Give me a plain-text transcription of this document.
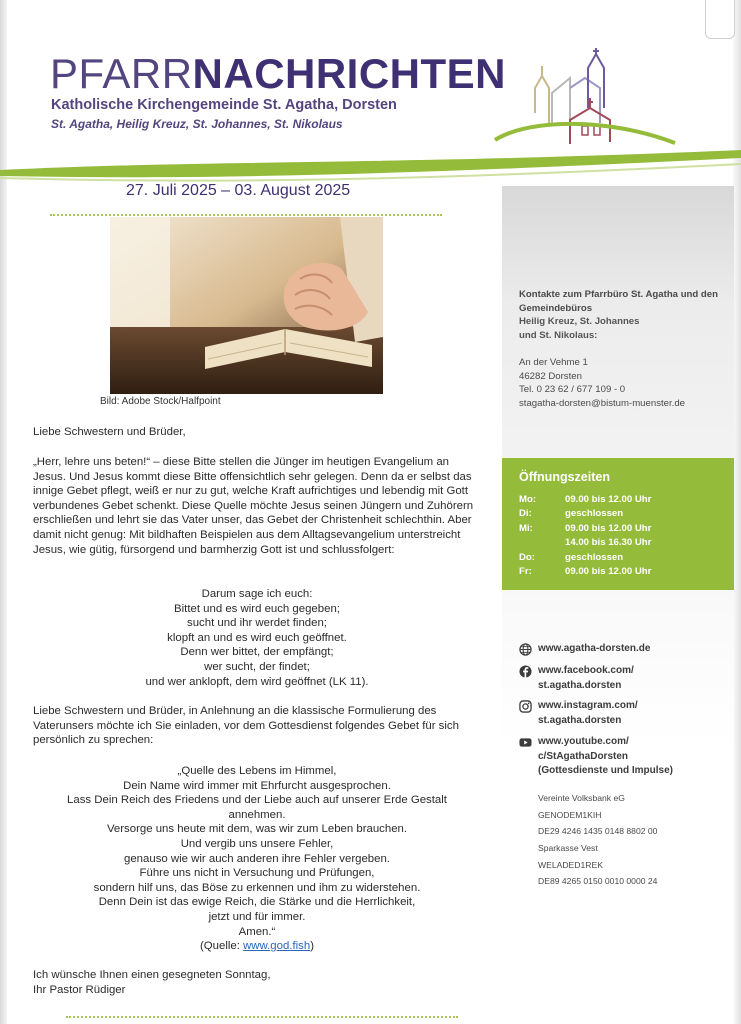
PFARRNACHRICHTEN
Katholische Kirchengemeinde St. Agatha, Dorsten
St. Agatha, Heilig Kreuz, St. Johannes, St. Nikolaus
27. Juli 2025 – 03. August 2025
Bild: Adobe Stock/Halfpoint

Liebe Schwestern und Brüder,

„Herr, lehre uns beten!“ – diese Bitte stellen die Jünger im heutigen Evangelium an Jesus. Und Jesus kommt diese Bitte offensichtlich sehr gelegen. Denn da er selbst das innige Gebet pflegt, weiß er nur zu gut, welche Kraft aufrichtiges und lebendig mit Gott verbundenes Gebet schenkt. Diese Quelle möchte Jesus seinen Jüngern und Zuhörern erschließen und lehrt sie das Vater unser, das Gebet der Christenheit schlechthin. Aber damit nicht genug: Mit bildhaften Beispielen aus dem Alltagsevangelium unterstreicht Jesus, wie gütig, fürsorgend und barmherzig Gott ist und schlussfolgert:

Darum sage ich euch:

Bittet und es wird euch gegeben;

sucht und ihr werdet finden;

klopft an und es wird euch geöffnet.

Denn wer bittet, der empfängt;

wer sucht, der findet;

und wer anklopft, dem wird geöffnet (LK 11).

Liebe Schwestern und Brüder, in Anlehnung an die klassische Formulierung des Vaterunsers möchte ich Sie einladen, vor dem Gottesdienst folgendes Gebet für sich persönlich zu sprechen:

„Quelle des Lebens im Himmel,

Dein Name wird immer mit Ehrfurcht ausgesprochen.

Lass Dein Reich des Friedens und der Liebe auch auf unserer Erde Gestalt annehmen.

Versorge uns heute mit dem, was wir zum Leben brauchen.

Und vergib uns unsere Fehler,

genauso wie wir auch anderen ihre Fehler vergeben.

Führe uns nicht in Versuchung und Prüfungen,

sondern hilf uns, das Böse zu erkennen und ihm zu widerstehen.

Denn Dein ist das ewige Reich, die Stärke und die Herrlichkeit,

jetzt und für immer.

Amen.“

(Quelle: www.god.fish)

Ich wünsche Ihnen einen gesegneten Sonntag,

Ihr Pastor Rüdiger

Kontakte zum Pfarrbüro St. Agatha und den Gemeindebüros
Heilig Kreuz, St. Johannes und St. Nikolaus:
An der Vehme 1
46282 Dorsten
Tel. 0 23 62 / 677 109 - 0
stagatha-dorsten@bistum-muenster.de
Öffnungszeiten
Mo:	09.00 bis 12.00 Uhr
Di:	geschlossen
Mi:	09.00 bis 12.00 Uhr
14.00 bis 16.30 Uhr
Do:	geschlossen
Fr:	09.00 bis 12.00 Uhr
www.agatha-dorsten.de
www.facebook.com/
st.agatha.dorsten
www.instagram.com/
st.agatha.dorsten
www.youtube.com/
c/StAgathaDorsten
(Gottesdienste und Impulse)
Vereinte Volksbank eG
GENODEM1KIH
DE29 4246 1435 0148 8802 00
Sparkasse Vest
WELADED1REK
DE89 4265 0150 0010 0000 24
